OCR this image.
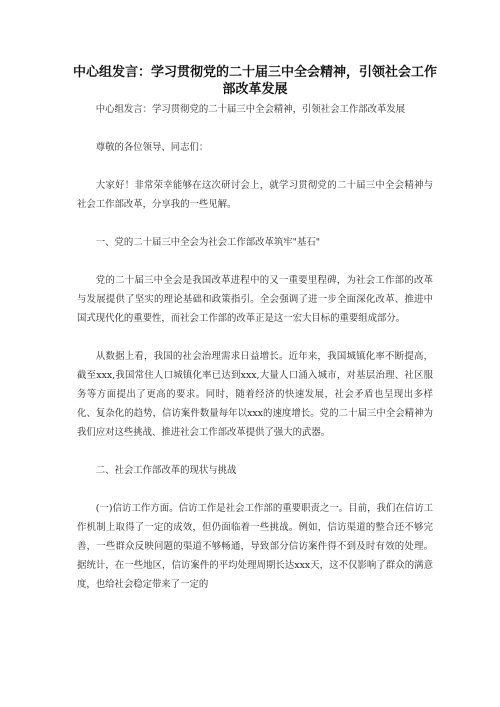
中心组发言：学习贯彻党的二十届三中全会精神，引领社会工作部改革发展

中心组发言：学习贯彻党的二十届三中全会精神，引领社会工作部改革发展

尊敬的各位领导、同志们：

大家好！非常荣幸能够在这次研讨会上，就学习贯彻党的二十届三中全会精神与社会工作部改革，分享我的一些见解。

一、党的二十届三中全会为社会工作部改革筑牢"基石"

党的二十届三中全会是我国改革进程中的又一重要里程碑，为社会工作部的改革与发展提供了坚实的理论基础和政策指引。全会强调了进一步全面深化改革、推进中国式现代化的重要性，而社会工作部的改革正是这一宏大目标的重要组成部分。

从数据上看，我国的社会治理需求日益增长。近年来，我国城镇化率不断提高，截至xxx,我国常住人口城镇化率已达到xxx,大量人口涌入城市，对基层治理、社区服务等方面提出了更高的要求。同时，随着经济的快速发展，社会矛盾也呈现出多样化、复杂化的趋势，信访案件数量每年以xxx的速度增长。党的二十届三中全会精神为我们应对这些挑战、推进社会工作部改革提供了强大的武器。

二、社会工作部改革的现状与挑战

(一)信访工作方面。信访工作是社会工作部的重要职责之一。目前，我们在信访工作机制上取得了一定的成效，但仍面临着一些挑战。例如，信访渠道的整合还不够完善，一些群众反映问题的渠道不够畅通，导致部分信访案件得不到及时有效的处理。据统计，在一些地区，信访案件的平均处理周期长达xxx天，这不仅影响了群众的满意度，也给社会稳定带来了一定的
